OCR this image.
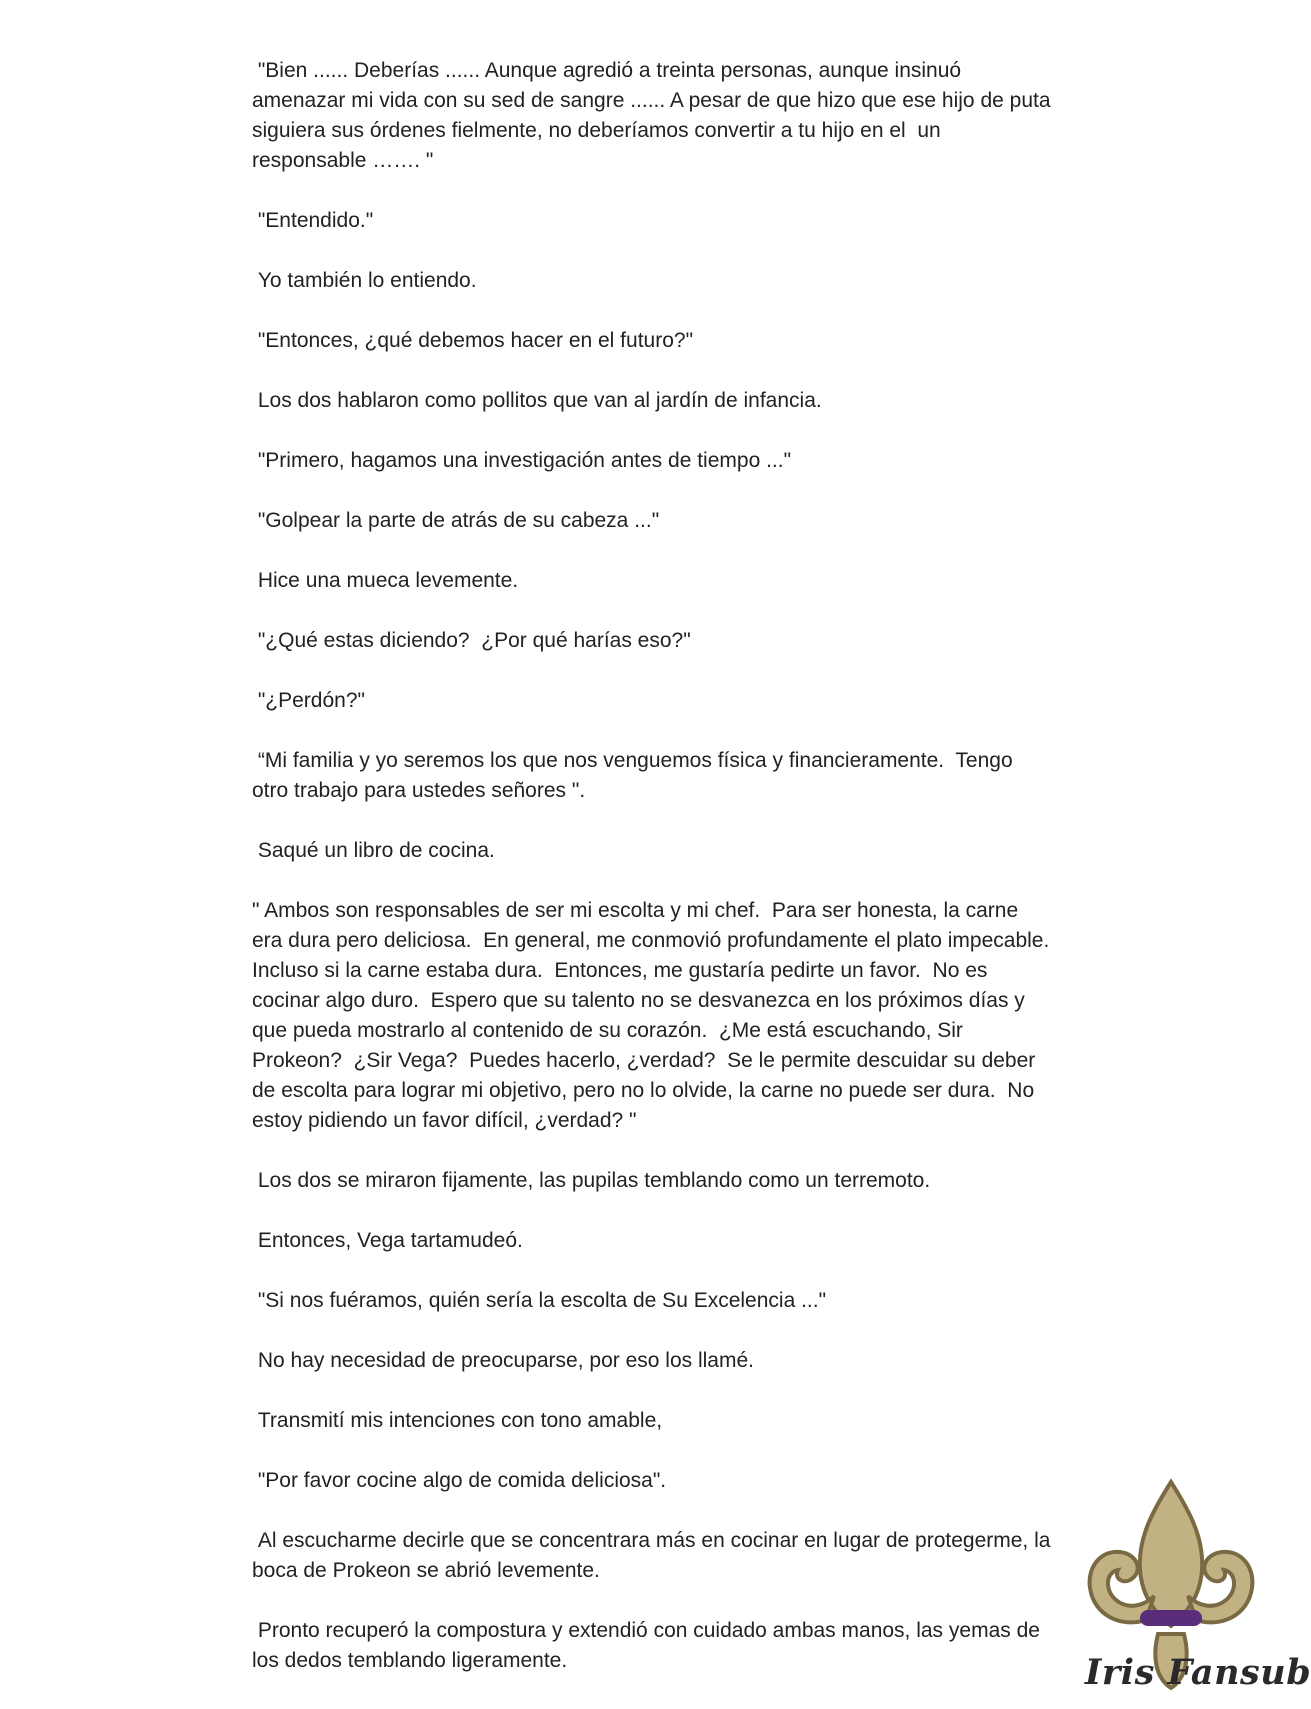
"Bien ...... Deberías ...... Aunque agredió a treinta personas, aunque insinuó amenazar mi vida con su sed de sangre ...... A pesar de que hizo que ese hijo de puta siguiera sus órdenes fielmente, no deberíamos convertir a tu hijo en el  un responsable ……. "

"Entendido."

Yo también lo entiendo.

"Entonces, ¿qué debemos hacer en el futuro?"

Los dos hablaron como pollitos que van al jardín de infancia.

"Primero, hagamos una investigación antes de tiempo ..."

"Golpear la parte de atrás de su cabeza ..."

Hice una mueca levemente.

"¿Qué estas diciendo?  ¿Por qué harías eso?"

"¿Perdón?"

“Mi familia y yo seremos los que nos venguemos física y financieramente.  Tengo otro trabajo para ustedes señores ".

Saqué un libro de cocina.

" Ambos son responsables de ser mi escolta y mi chef.  Para ser honesta, la carne era dura pero deliciosa.  En general, me conmovió profundamente el plato impecable.  Incluso si la carne estaba dura.  Entonces, me gustaría pedirte un favor.  No es cocinar algo duro.  Espero que su talento no se desvanezca en los próximos días y que pueda mostrarlo al contenido de su corazón.  ¿Me está escuchando, Sir Prokeon?  ¿Sir Vega?  Puedes hacerlo, ¿verdad?  Se le permite descuidar su deber de escolta para lograr mi objetivo, pero no lo olvide, la carne no puede ser dura.  No estoy pidiendo un favor difícil, ¿verdad? "

Los dos se miraron fijamente, las pupilas temblando como un terremoto.

Entonces, Vega tartamudeó.

"Si nos fuéramos, quién sería la escolta de Su Excelencia ..."

No hay necesidad de preocuparse, por eso los llamé.

Transmití mis intenciones con tono amable,

"Por favor cocine algo de comida deliciosa".

Al escucharme decirle que se concentrara más en cocinar en lugar de protegerme, la boca de Prokeon se abrió levemente.

Pronto recuperó la compostura y extendió con cuidado ambas manos, las yemas de los dedos temblando ligeramente.	Iris Fansub
